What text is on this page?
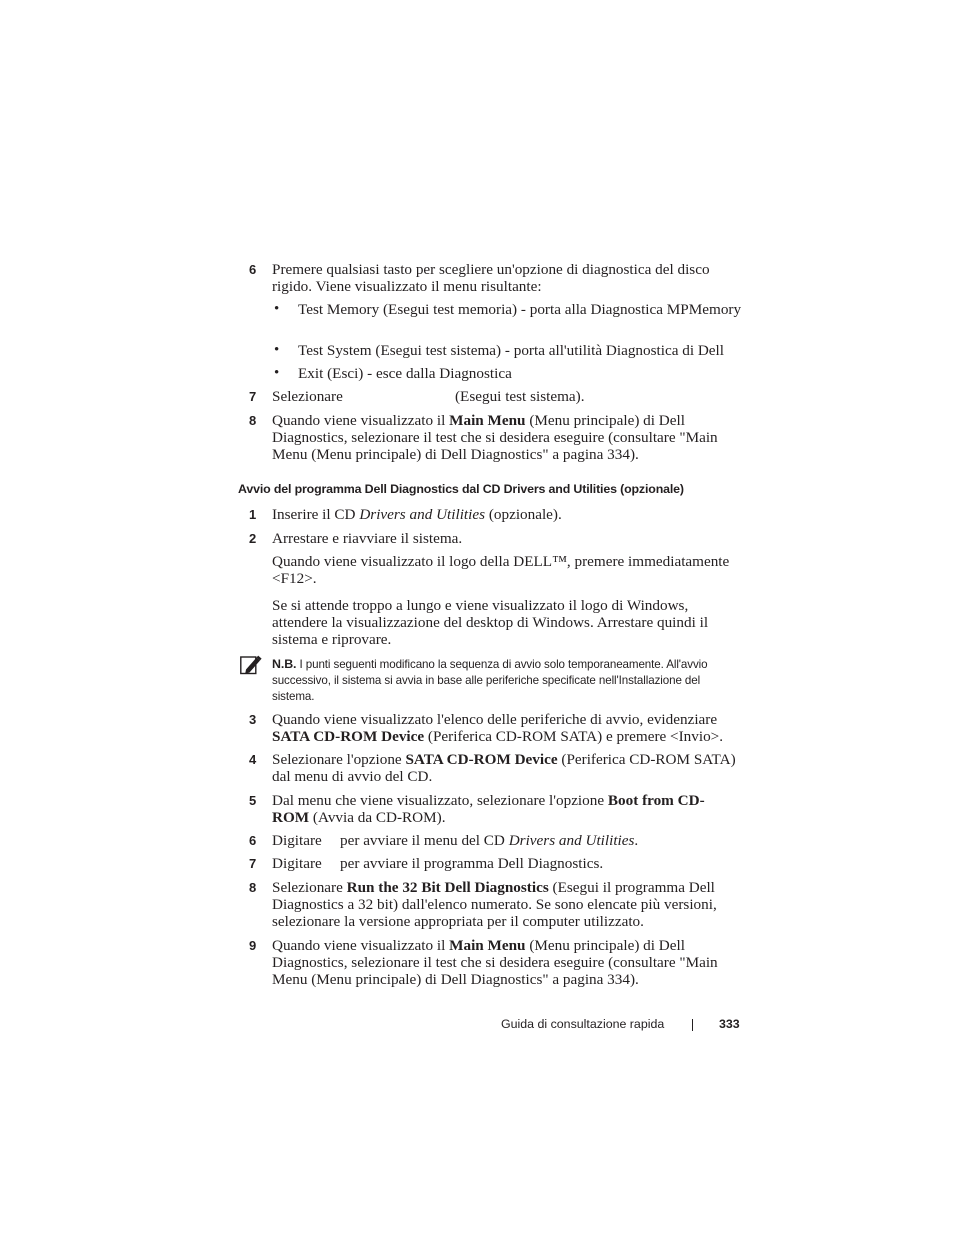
6 Premere qualsiasi tasto per scegliere un'opzione di diagnostica del disco rigido. Viene visualizzato il menu risultante:
• Test Memory (Esegui test memoria) - porta alla Diagnostica MPMemory
• Test System (Esegui test sistema) - porta all'utilità Diagnostica di Dell
• Exit (Esci) - esce dalla Diagnostica
7 Selezionare	(Esegui test sistema).
8 Quando viene visualizzato il Main Menu (Menu principale) di Dell Diagnostics, selezionare il test che si desidera eseguire (consultare "Main Menu (Menu principale) di Dell Diagnostics" a pagina 334).
Avvio del programma Dell Diagnostics dal CD Drivers and Utilities (opzionale)
1 Inserire il CD Drivers and Utilities (opzionale).
2 Arrestare e riavviare il sistema.
Quando viene visualizzato il logo della DELL™, premere immediatamente <F12>.
Se si attende troppo a lungo e viene visualizzato il logo di Windows, attendere la visualizzazione del desktop di Windows. Arrestare quindi il sistema e riprovare.
N.B. I punti seguenti modificano la sequenza di avvio solo temporaneamente. All'avvio successivo, il sistema si avvia in base alle periferiche specificate nell'Installazione del sistema.
3 Quando viene visualizzato l'elenco delle periferiche di avvio, evidenziare SATA CD-ROM Device (Periferica CD-ROM SATA) e premere <Invio>.
4 Selezionare l'opzione SATA CD-ROM Device (Periferica CD-ROM SATA) dal menu di avvio del CD.
5 Dal menu che viene visualizzato, selezionare l'opzione Boot from CD-ROM (Avvia da CD-ROM).
6 Digitare per avviare il menu del CD Drivers and Utilities.
7 Digitare per avviare il programma Dell Diagnostics.
8 Selezionare Run the 32 Bit Dell Diagnostics (Esegui il programma Dell Diagnostics a 32 bit) dall'elenco numerato. Se sono elencate più versioni, selezionare la versione appropriata per il computer utilizzato.
9 Quando viene visualizzato il Main Menu (Menu principale) di Dell Diagnostics, selezionare il test che si desidera eseguire (consultare "Main Menu (Menu principale) di Dell Diagnostics" a pagina 334).
Guida di consultazione rapida	333
